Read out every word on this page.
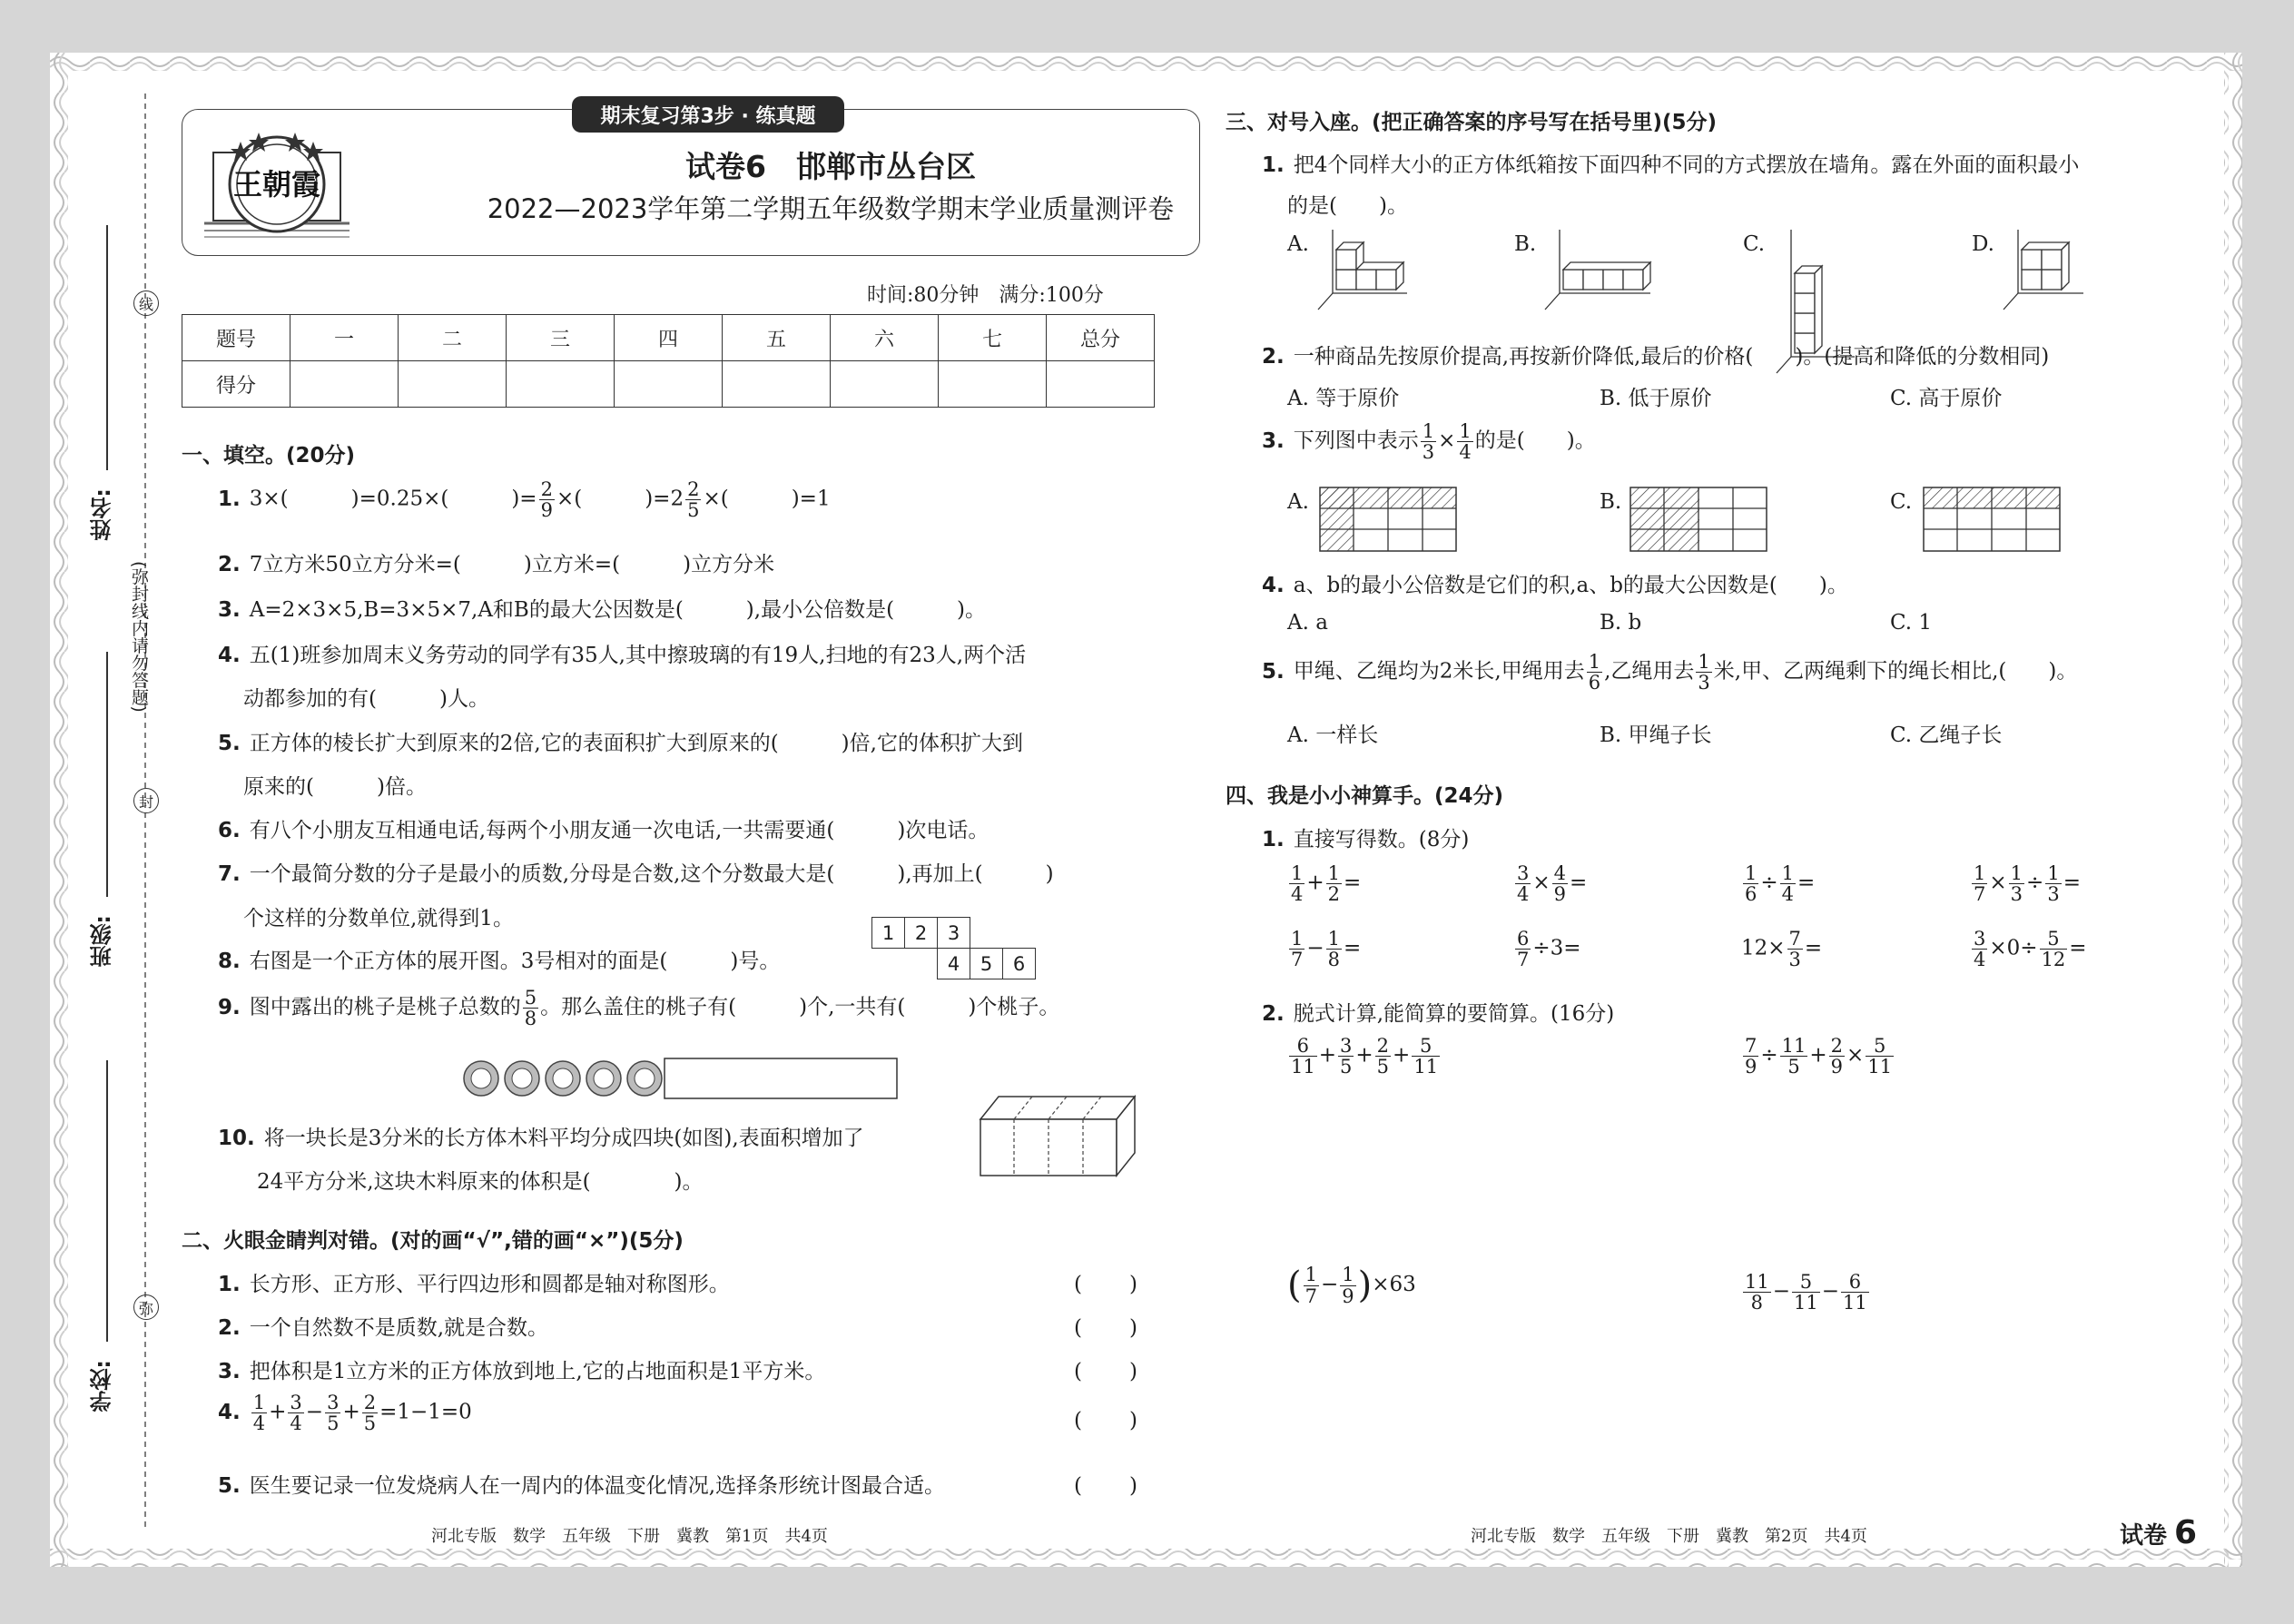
线
封
弥
(弥封线内请勿答题)
姓名:
班级:
学校:
期末复习第3步 · 练真题
王朝霞	试卷6　邯郸市丛台区
2022—2023学年第二学期五年级数学期末学业质量测评卷
时间:80分钟　满分:100分
题号	一	二	三	四	五	六	七	总分
得分								
一、填空。(20分)
1. 3×(　　　)=0.25×(　　　)= $\frac{2}{9}$ ×(　　　)$=2 \frac{2}{5}$ ×(　　　)=1
2. 7立方米50立方分米=(　　　)立方米=(　　　)立方分米
3. A=2×3×5,B=3×5×7,A和B的最大公因数是(　　　),最小公倍数是(　　　)。
4. 五(1)班参加周末义务劳动的同学有35人,其中擦玻璃的有19人,扫地的有23人,两个活
动都参加的有(　　　)人。
5. 正方体的棱长扩大到原来的2倍,它的表面积扩大到原来的(　　　)倍,它的体积扩大到
原来的(　　　)倍。
6. 有八个小朋友互相通电话,每两个小朋友通一次电话,一共需要通(　　　)次电话。
7. 一个最简分数的分子是最小的质数,分母是合数,这个分数最大是(　　　),再加上(　　　)
个这样的分数单位,就得到1。
8. 右图是一个正方体的展开图。3号相对的面是(　　　)号。
1	2	3
4	5	6
9. 图中露出的桃子是桃子总数的 $\frac{5}{8}$ 。那么盖住的桃子有(　　　)个,一共有(　　　)个桃子。
10. 将一块长是3分米的长方体木料平均分成四块(如图),表面积增加了
24平方分米,这块木料原来的体积是(　　　　)。
二、火眼金睛判对错。(对的画“√”,错的画“×”)(5分)
1. 长方形、正方形、平行四边形和圆都是轴对称图形。	(　　)
2. 一个自然数不是质数,就是合数。	(　　)
3. 把体积是1立方米的正方体放到地上,它的占地面积是1平方米。	(　　)
4. $\frac{1}{4} + \frac{3}{4} - \frac{3}{5} + \frac{2}{5} =1-1=0$	(　　)
5. 医生要记录一位发烧病人在一周内的体温变化情况,选择条形统计图最合适。	(　　)
河北专版　数学　五年级　下册　冀教　第1页　共4页
三、对号入座。(把正确答案的序号写在括号里)(5分)
1. 把4个同样大小的正方体纸箱按下面四种不同的方式摆放在墙角。露在外面的面积最小
的是(　　)。
A.	B.	C.	D.
2. 一种商品先按原价提高,再按新价降低,最后的价格(　　)。(提高和降低的分数相同)
A. 等于原价	B. 低于原价	C. 高于原价
3. 下列图中表示 $\frac{1}{3} \times \frac{1}{4}$ 的是(　　)。
A.	B.	C.
4. a、b的最小公倍数是它们的积,a、b的最大公因数是(　　)。
A. a	B. b	C. 1
5. 甲绳、乙绳均为2米长,甲绳用去 $\frac{1}{6}$ ,乙绳用去 $\frac{1}{3}$ 米,甲、乙两绳剩下的绳长相比,(　　)。
A. 一样长	B. 甲绳子长	C. 乙绳子长
四、我是小小神算手。(24分)
1. 直接写得数。(8分)
$\frac{1}{4} + \frac{1}{2}$ =	$\frac{3}{4} \times \frac{4}{9}$ =	$\frac{1}{6} \div \frac{1}{4}$ =	$\frac{1}{7} \times \frac{1}{3} \div \frac{1}{3}$ =
$\frac{1}{7} - \frac{1}{8}$ =	$\frac{6}{7} \div 3=$	$12\times \frac{7}{3}$ =	$\frac{3}{4} \times 0\div \frac{5}{12}$ =
2. 脱式计算,能简算的要简算。(16分)
$\frac{6}{11} + \frac{3}{5} + \frac{2}{5} + \frac{5}{11}$	$\frac{7}{9} \div \frac{11}{5} + \frac{2}{9} \times \frac{5}{11}$
( $\frac{1}{7} - \frac{1}{9} )\times 63$	$\frac{11}{8} - \frac{5}{11} - \frac{6}{11}$
河北专版　数学　五年级　下册　冀教　第2页　共4页	试卷 6
